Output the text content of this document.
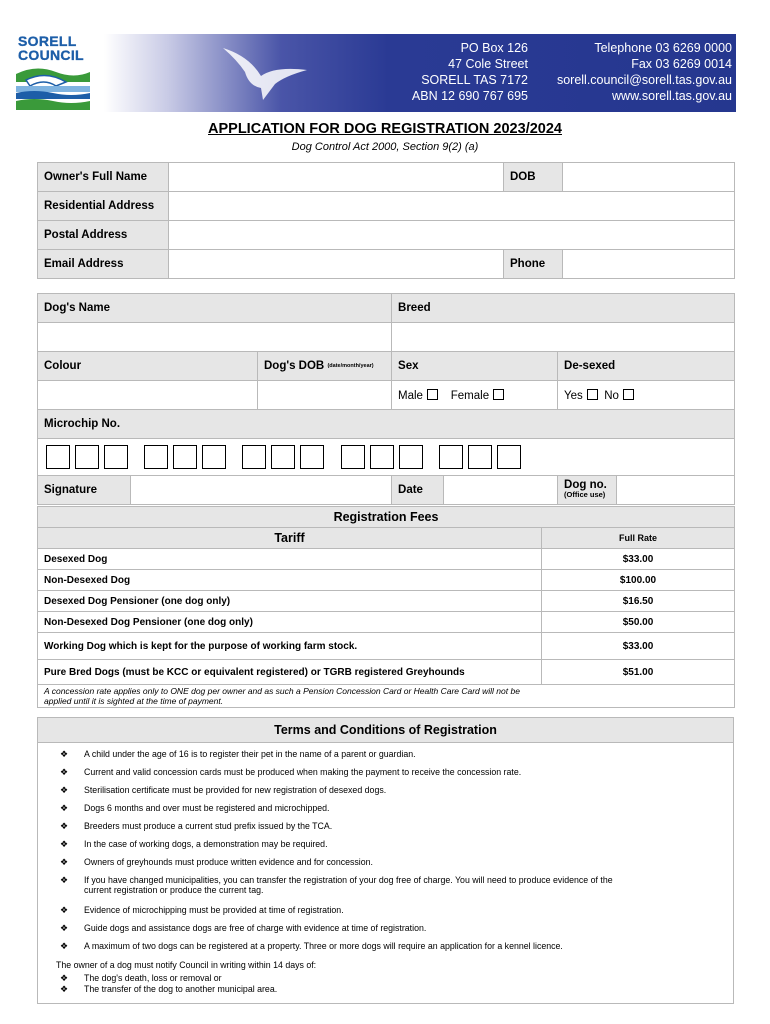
SORELL
COUNCIL	PO Box 126
47 Cole Street
SORELL TAS 7172
ABN 12 690 767 695
Telephone 03 6269 0000
Fax 03 6269 0014
sorell.council@sorell.tas.gov.au
www.sorell.tas.gov.au
APPLICATION FOR DOG REGISTRATION 2023/2024
Dog Control Act 2000, Section 9(2) (a)
Owner's Full Name		DOB	
Residential Address			
Postal Address			
Email Address		Phone	
Dog's Name			Breed		

Colour		Dog's DOB (date/month/year)	Sex	De-sexed	
			Male Female	Yes No	
Microchip No.					

Signature			Date	Dog no.
(Office use)	

Registration Fees	
Tariff	Full Rate
Desexed Dog	$33.00
Non-Desexed Dog	$100.00
Desexed Dog Pensioner (one dog only)	$16.50
Non-Desexed Dog Pensioner (one dog only)	$50.00
Working Dog which is kept for the purpose of working farm stock.	$33.00
Pure Bred Dogs (must be KCC or equivalent registered) or TGRB registered Greyhounds	$51.00

A concession rate applies only to ONE dog per owner and as such a Pension Concession Card or Health Care Card will not be
applied until it is sighted at the time of payment.	
Terms and Conditions of Registration
❖ A child under the age of 16 is to register their pet in the name of a parent or guardian.
❖ Current and valid concession cards must be produced when making the payment to receive the concession rate.
❖ Sterilisation certificate must be provided for new registration of desexed dogs.
❖ Dogs 6 months and over must be registered and microchipped.
❖ Breeders must produce a current stud prefix issued by the TCA.
❖ In the case of working dogs, a demonstration may be required.
❖ Owners of greyhounds must produce written evidence and for concession.
❖ If you have changed municipalities, you can transfer the registration of your dog free of charge. You will need to produce evidence of the
current registration or produce the current tag.
❖ Evidence of microchipping must be provided at time of registration.
❖ Guide dogs and assistance dogs are free of charge with evidence at time of registration.
❖ A maximum of two dogs can be registered at a property. Three or more dogs will require an application for a kennel licence.
The owner of a dog must notify Council in writing within 14 days of:
❖ The dog's death, loss or removal or
❖ The transfer of the dog to another municipal area.
